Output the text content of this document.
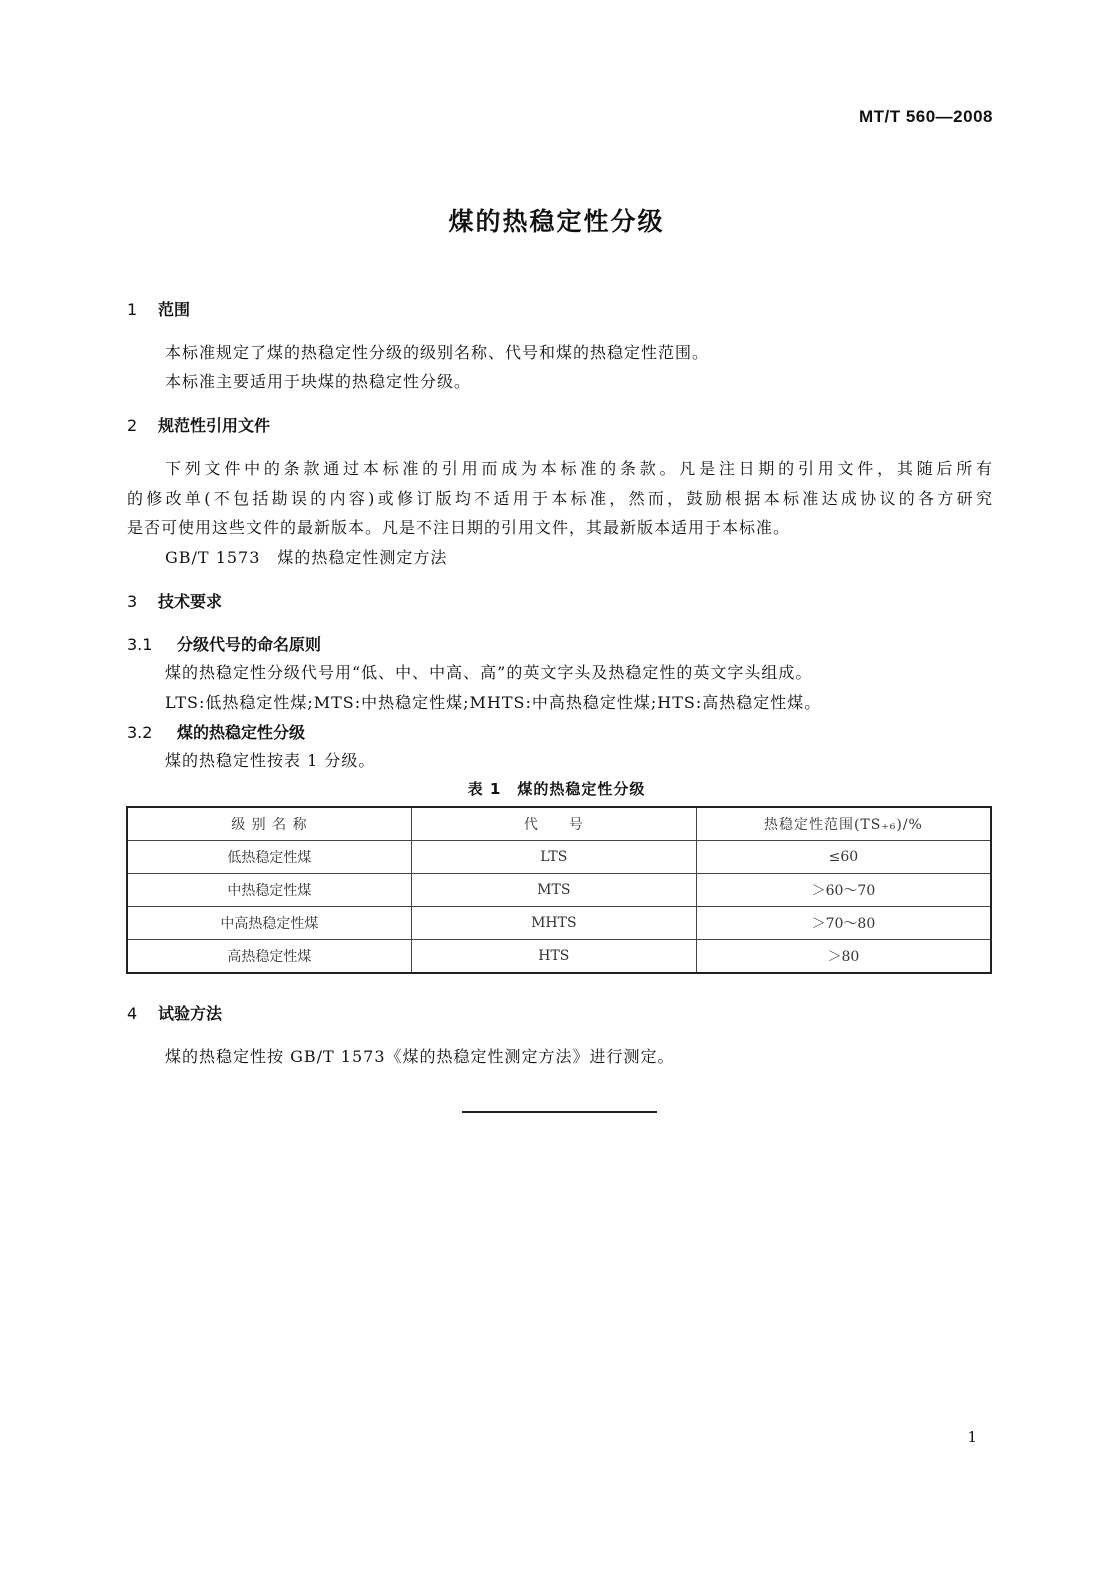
MT/T 560—2008
煤的热稳定性分级
1 范围

本标准规定了煤的热稳定性分级的级别名称、代号和煤的热稳定性范围。

本标准主要适用于块煤的热稳定性分级。

2 规范性引用文件

下列文件中的条款通过本标准的引用而成为本标准的条款。凡是注日期的引用文件，其随后所有

的修改单(不包括勘误的内容)或修订版均不适用于本标准，然而，鼓励根据本标准达成协议的各方研究

是否可使用这些文件的最新版本。凡是不注日期的引用文件，其最新版本适用于本标准。

GB/T 1573　煤的热稳定性测定方法

3 技术要求
3.1 分级代号的命名原则

煤的热稳定性分级代号用“低、中、中高、高”的英文字头及热稳定性的英文字头组成。

LTS:低热稳定性煤;MTS:中热稳定性煤;MHTS:中高热稳定性煤;HTS:高热稳定性煤。

3.2 煤的热稳定性分级

煤的热稳定性按表 1 分级。

表 1　煤的热稳定性分级
级 别 名 称	代　　号	热稳定性范围(TS₊₆)/%
低热稳定性煤	LTS	≤60
中热稳定性煤	MTS	＞60～70
中高热稳定性煤	MHTS	＞70～80
高热稳定性煤	HTS	＞80
4 试验方法

煤的热稳定性按 GB/T 1573《煤的热稳定性测定方法》进行测定。

1
